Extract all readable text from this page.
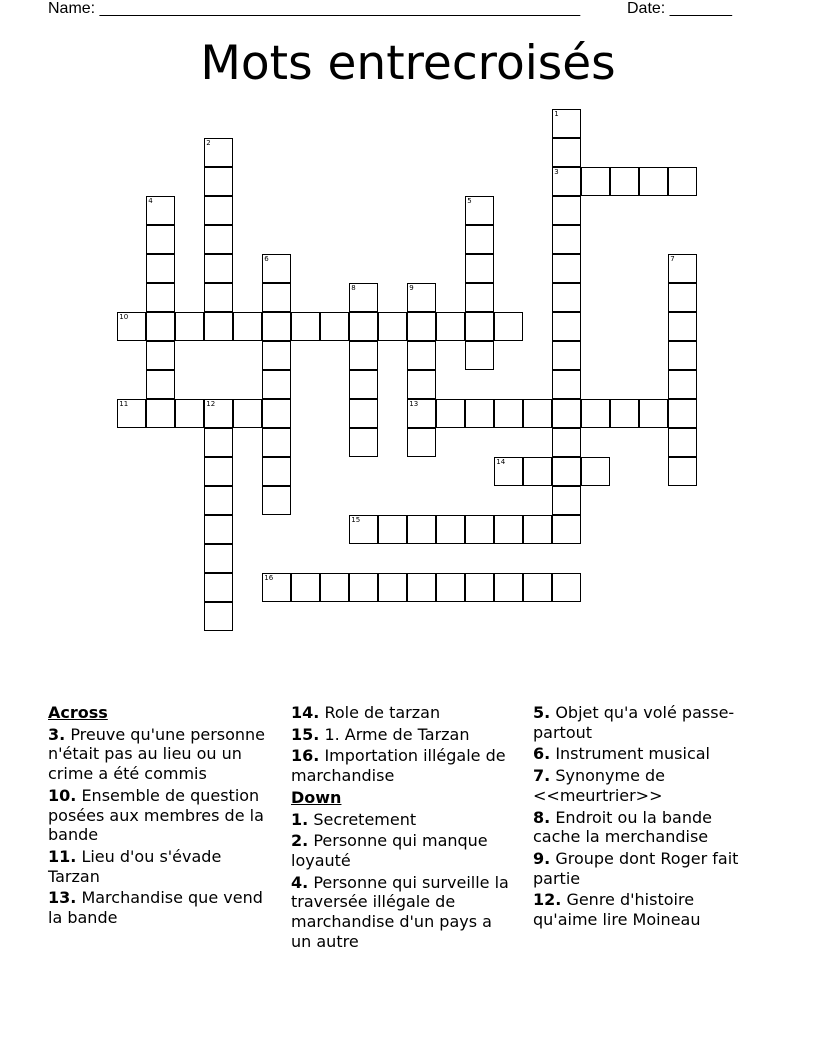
Name: ______________________________________________________	Date: _______
Mots entrecroisés
1
3
2
4	5
6	7
8	9
13
10
11	12
14
15
16
Across
3. Preuve qu'une personne n'était pas au lieu ou un crime a été commis
10. Ensemble de question posées aux membres de la bande
11. Lieu d'ou s'évade Tarzan
13. Marchandise que vend la bande
14. Role de tarzan
15. 1. Arme de Tarzan
16. Importation illégale de marchandise
Down
1. Secretement
2. Personne qui manque loyauté
4. Personne qui surveille la traversée illégale de marchandise d'un pays a un autre
5. Objet qu'a volé passe-partout
6. Instrument musical
7. Synonyme de <<meurtrier>>
8. Endroit ou la bande cache la merchandise
9. Groupe dont Roger fait partie
12. Genre d'histoire qu'aime lire Moineau
